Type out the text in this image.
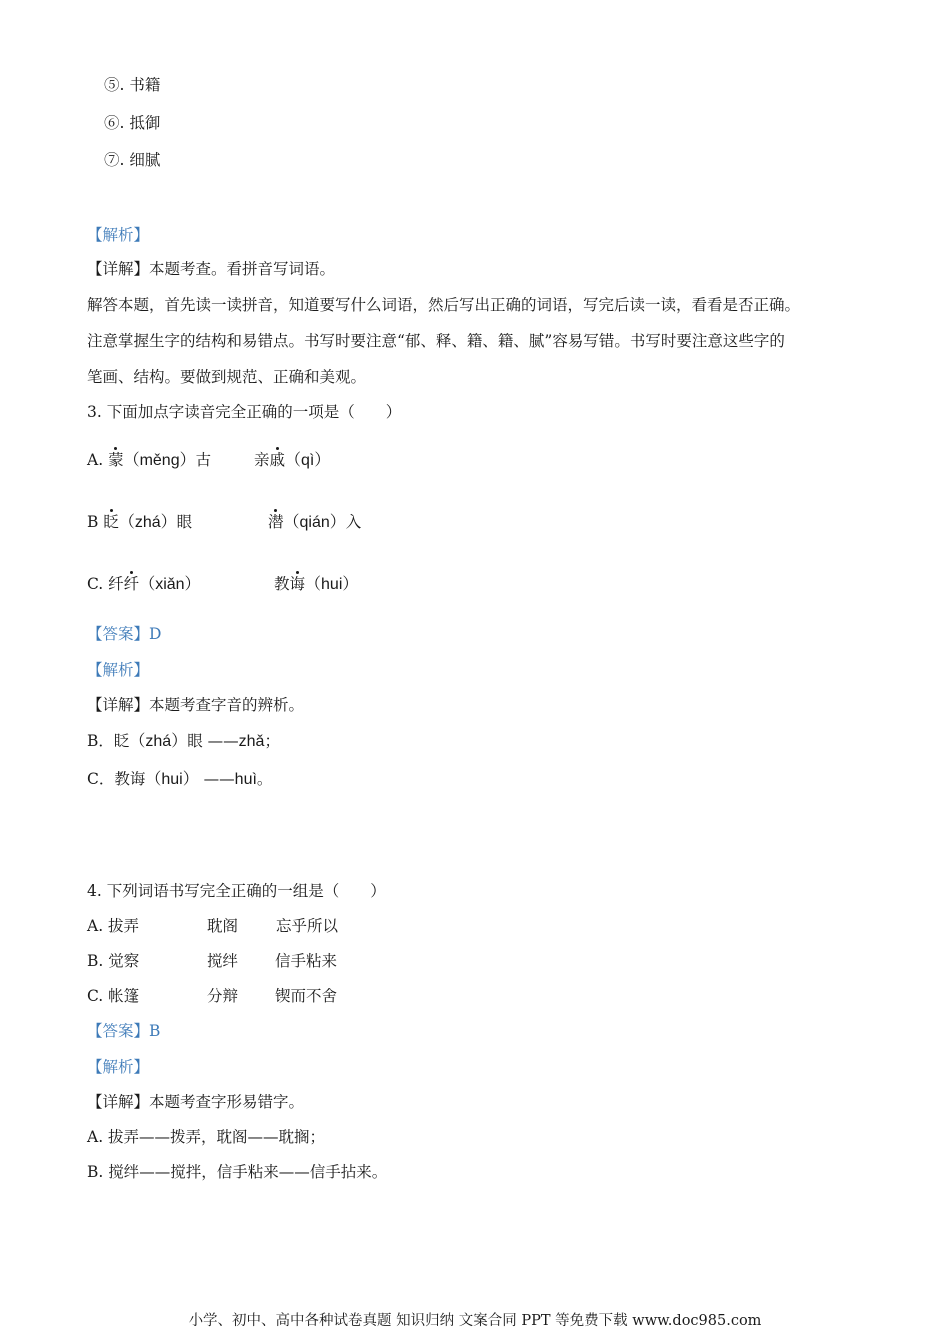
⑤. 书籍
⑥. 抵御
⑦. 细腻
【解析】
【详解】本题考查。看拼音写词语。
解答本题，首先读一读拼音，知道要写什么词语，然后写出正确的词语，写完后读一读，看看是否正确。
注意掌握生字的结构和易错点。书写时要注意“郁、释、籍、籍、腻”容易写错。书写时要注意这些字的
笔画、结构。要做到规范、正确和美观。
3. 下面加点字读音完全正确的一项是（　　）
A. 蒙（měng）古	亲戚（qì）
B 眨（zhá）眼	潜（qián）入
C. 纤纤（xiǎn）	教诲（hui）
【答案】D
【解析】
【详解】本题考查字音的辨析。
B．眨（zhá）眼 ——zhǎ；
C．教诲（hui） ——huì。
4. 下列词语书写完全正确的一组是（　　）
A. 拔弄	耽阁 忘乎所以
B. 觉察	搅绊 信手粘来
C. 帐篷	分辩 锲而不舍
【答案】B
【解析】
【详解】本题考查字形易错字。
A. 拔弄——拨弄，耽阁——耽搁；
B. 搅绊——搅拌，信手粘来——信手拈来。
小学、初中、高中各种试卷真题 知识归纳 文案合同 PPT 等免费下载 www.doc985.com
